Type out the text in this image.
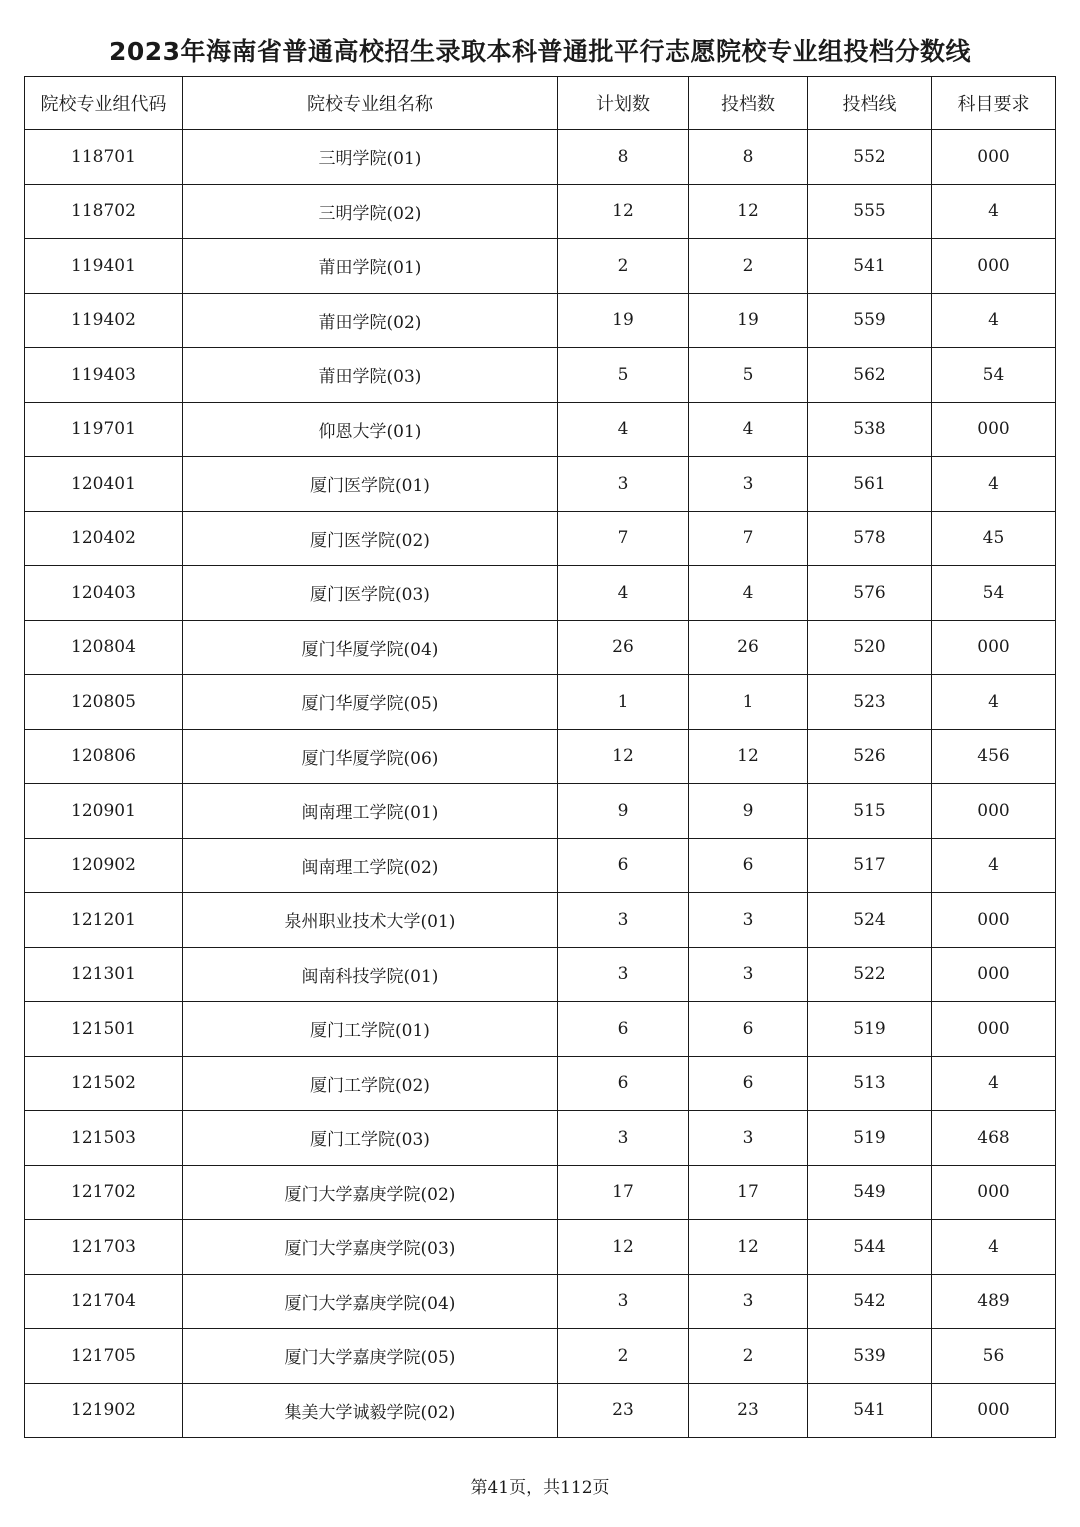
2023年海南省普通高校招生录取本科普通批平行志愿院校专业组投档分数线
院校专业组代码	院校专业组名称	计划数	投档数	投档线	科目要求
118701	三明学院(01)	8	8	552	000
118702	三明学院(02)	12	12	555	4
119401	莆田学院(01)	2	2	541	000
119402	莆田学院(02)	19	19	559	4
119403	莆田学院(03)	5	5	562	54
119701	仰恩大学(01)	4	4	538	000
120401	厦门医学院(01)	3	3	561	4
120402	厦门医学院(02)	7	7	578	45
120403	厦门医学院(03)	4	4	576	54
120804	厦门华厦学院(04)	26	26	520	000
120805	厦门华厦学院(05)	1	1	523	4
120806	厦门华厦学院(06)	12	12	526	456
120901	闽南理工学院(01)	9	9	515	000
120902	闽南理工学院(02)	6	6	517	4
121201	泉州职业技术大学(01)	3	3	524	000
121301	闽南科技学院(01)	3	3	522	000
121501	厦门工学院(01)	6	6	519	000
121502	厦门工学院(02)	6	6	513	4
121503	厦门工学院(03)	3	3	519	468
121702	厦门大学嘉庚学院(02)	17	17	549	000
121703	厦门大学嘉庚学院(03)	12	12	544	4
121704	厦门大学嘉庚学院(04)	3	3	542	489
121705	厦门大学嘉庚学院(05)	2	2	539	56
121902	集美大学诚毅学院(02)	23	23	541	000
第41页，共112页
